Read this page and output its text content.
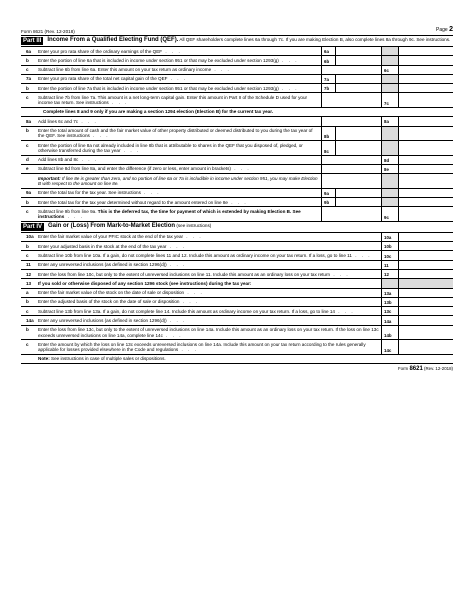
Form 8621 (Rev. 12-2018)	Page 2
Part III	Income From a Qualified Electing Fund (QEF). All QEF shareholders complete lines 6a through 7c. If you are making Election B, also complete lines 8a through 9c. See instructions.
6a	Enter your pro rata share of the ordinary earnings of the QEF . . .	6a
b	Enter the portion of line 6a that is included in income under section 951 or that may be excluded under section 1293(g) . . .	6b
c	Subtract line 6b from line 6a. Enter this amount on your tax return as ordinary income . . .	6c
7a	Enter your pro rata share of the total net capital gain of the QEF . . .	7a
b	Enter the portion of line 7a that is included in income under section 951 or that may be excluded under section 1293(g) . . .	7b
c	Subtract line 7b from line 7a. This amount is a net long-term capital gain. Enter this amount in Part II of the Schedule D used for your income tax return. See instructions . . .	7c
Complete lines 8 and 9 only if you are making a section 1294 election (Election B) for the current tax year.
8a	Add lines 6c and 7c . . .	8a
b	Enter the total amount of cash and the fair market value of other property distributed or deemed distributed to you during the tax year of the QEF. See instructions . . .	8b
c	Enter the portion of line 8a not already included in line 8b that is attributable to shares in the QEF that you disposed of, pledged, or otherwise transferred during the tax year . . .	8c
d	Add lines 8b and 8c . . .	8d
e	Subtract line 8d from line 8a, and enter the difference (if zero or less, enter amount in brackets) . . .	8e
Important: If line 8e is greater than zero, and no portion of line 6a or 7a is includible in income under section 951, you may make Election B with respect to the amount on line 8e.
9a	Enter the total tax for the tax year. See instructions . . .	9a
b	Enter the total tax for the tax year determined without regard to the amount entered on line 8e . . .	9b
c	Subtract line 9b from line 9a. This is the deferred tax, the time for payment of which is extended by making Election B. See instructions . . .	9c
Part IV	Gain or (Loss) From Mark-to-Market Election (see instructions)
10a Enter the fair market value of your PFIC stock at the end of the tax year . . .	10a
b	Enter your adjusted basis in the stock at the end of the tax year . . .	10b
c	Subtract line 10b from line 10a. If a gain, do not complete lines 11 and 12. Include this amount as ordinary income on your tax return. If a loss, go to line 11 . . .	10c
11	Enter any unreversed inclusions (as defined in section 1296(d)) . . .	11
12	Enter the loss from line 10c, but only to the extent of unreversed inclusions on line 11. Include this amount as an ordinary loss on your tax return . . .	12
13	If you sold or otherwise disposed of any section 1296 stock (see instructions) during the tax year:
a	Enter the fair market value of the stock on the date of sale or disposition . . .	13a
b	Enter the adjusted basis of the stock on the date of sale or disposition . . .	13b
c	Subtract line 13b from line 13a. If a gain, do not complete line 14. Include this amount as ordinary income on your tax return. If a loss, go to line 14 . . .	13c
14a Enter any unreversed inclusions (as defined in section 1296(d)) . . .	14a
b	Enter the loss from line 13c, but only to the extent of unreversed inclusions on line 14a. Include this amount as an ordinary loss on your tax return. If the loss on line 13c exceeds unreversed inclusions on line 14a, complete line 14c . . .	14b
c	Enter the amount by which the loss on line 13c exceeds unreversed inclusions on line 14a. Include this amount on your tax return according to the rules generally applicable for losses provided elsewhere in the Code and regulations . . .	14c
Note: See instructions in case of multiple sales or dispositions.
Form 8621 (Rev. 12-2018)
